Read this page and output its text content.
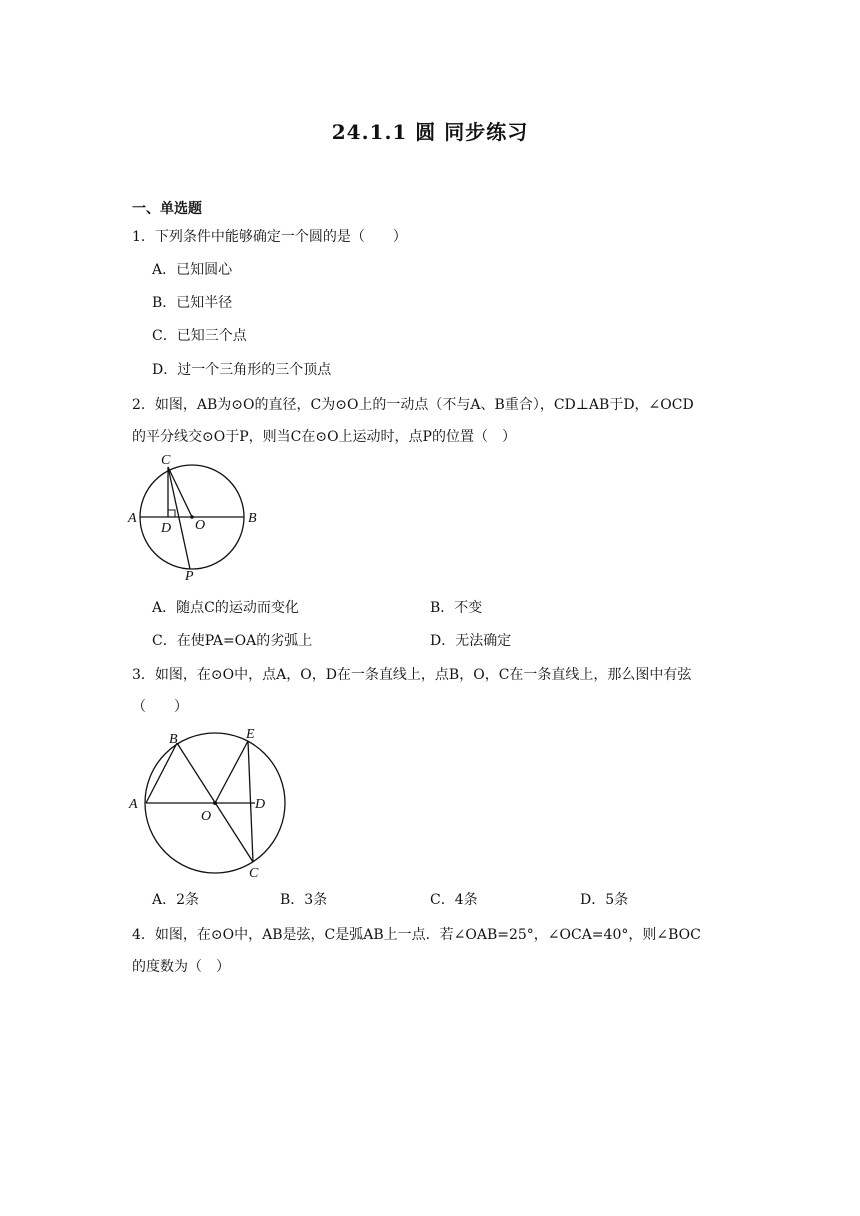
24.1.1 圆 同步练习
一、单选题
1．下列条件中能够确定一个圆的是（　　）
A．已知圆心
B．已知半径
C．已知三个点
D．过一个三角形的三个顶点
2．如图，AB为⊙O的直径，C为⊙O上的一动点（不与A、B重合），CD⊥AB于D，∠OCD
的平分线交⊙O于P，则当C在⊙O上运动时，点P的位置（　）
C
A
D O	B
P
A．随点C的运动而变化	B．不变
C．在使PA=OA的劣弧上	D．无法确定
3．如图，在⊙O中，点A，O，D在一条直线上，点B，O，C在一条直线上，那么图中有弦
（　　）
B	E
A
O
D
C
A．2条	B．3条	C．4条	D．5条
4．如图，在⊙O中，AB是弦，C是弧AB上一点．若∠OAB=25°，∠OCA=40°，则∠BOC
的度数为（　）
